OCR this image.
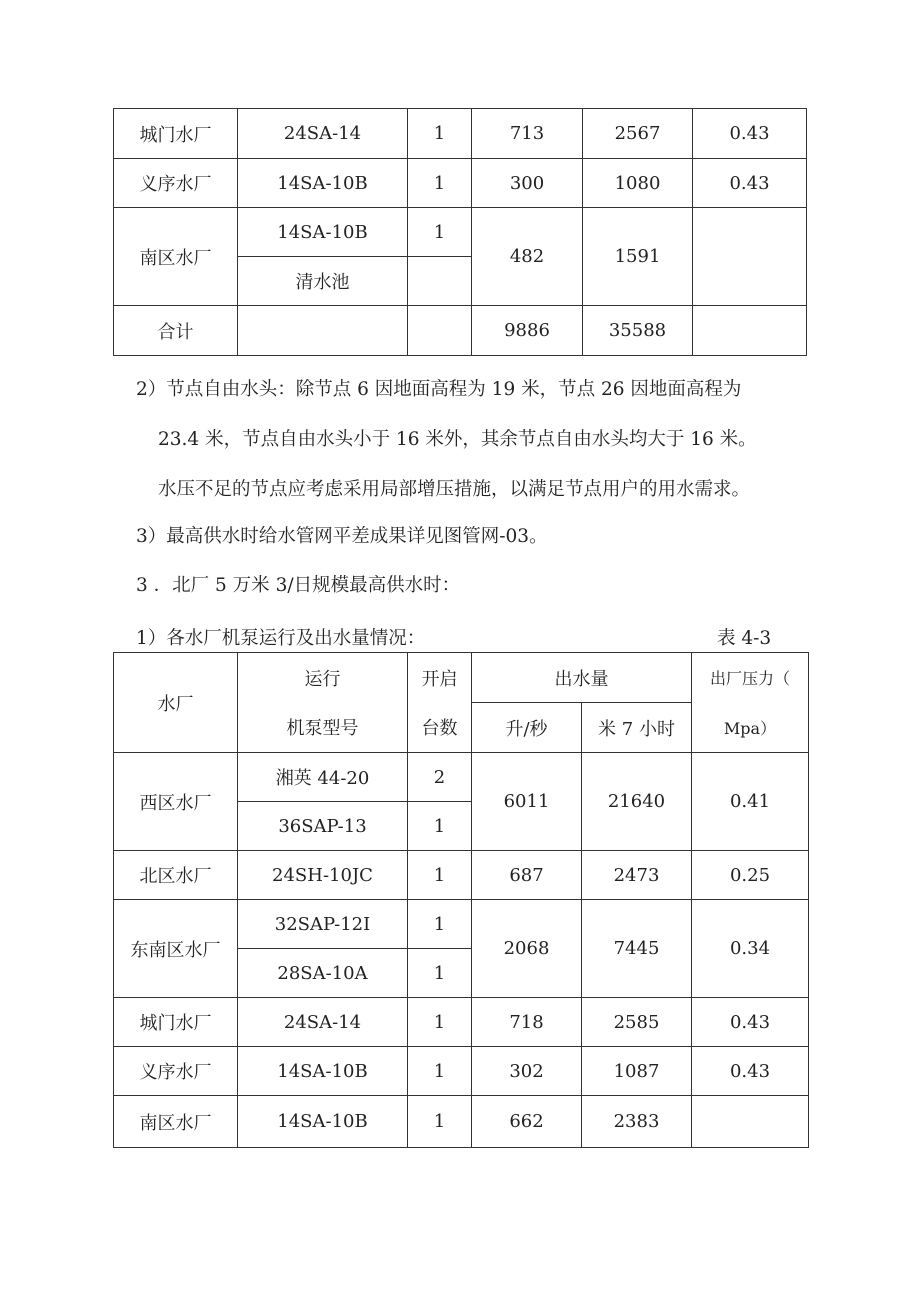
城门水厂	24SA-14	1	713	2567	0.43
义序水厂	14SA-10B	1	300	1080	0.43
南区水厂	14SA-10B	1	482	1591	
	清水池				
合计			9886	35588	
2）节点自由水头：除节点 6 因地面高程为 19 米，节点 26 因地面高程为
23.4 米，节点自由水头小于 16 米外，其余节点自由水头均大于 16 米。
水压不足的节点应考虑采用局部增压措施，以满足节点用户的用水需求。
3）最高供水时给水管网平差成果详见图管网-03。
3 ．北厂 5 万米 3/日规模最高供水时：
1）各水厂机泵运行及出水量情况：	表 4-3
水厂	运行	开启	出水量		出厂压力（
	机泵型号	台数	升/秒	米 7 小时	Mpa）
西区水厂	湘英 44-20	2	6011	21640	0.41
	36SAP-13	1			
北区水厂	24SH-10JC	1	687	2473	0.25
东南区水厂	32SAP-12I	1	2068	7445	0.34
	28SA-10A	1			
城门水厂	24SA-14	1	718	2585	0.43
义序水厂	14SA-10B	1	302	1087	0.43
南区水厂	14SA-10B	1	662	2383	
